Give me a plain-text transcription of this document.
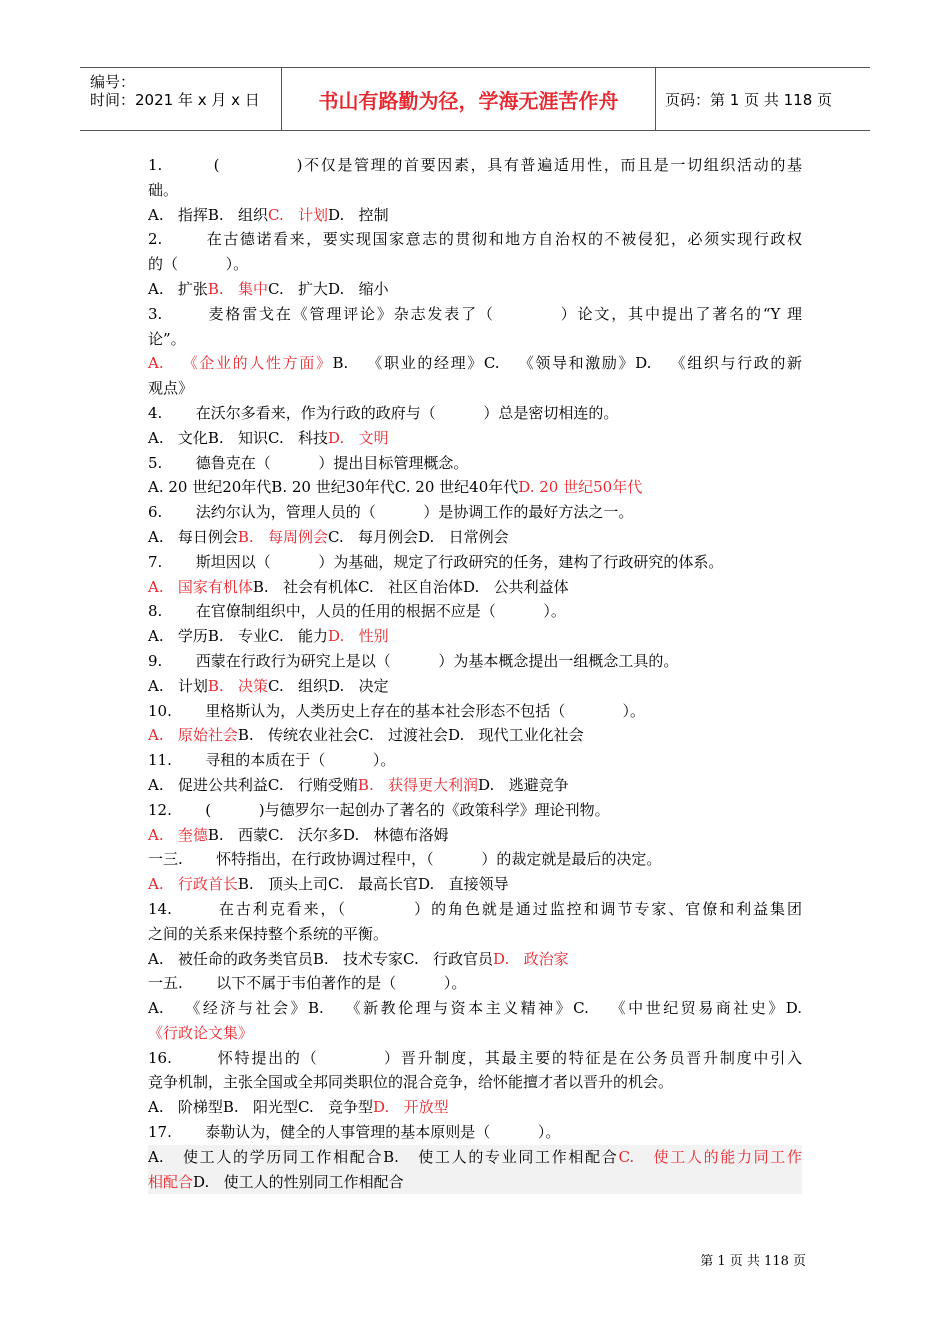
编号：
时间：2021 年 x 月 x 日	书山有路勤为径，学海无涯苦作舟	页码：第 1 页 共 118 页
1.        (            )不仅是管理的首要因素，具有普遍适用性，而且是一切组织活动的基
础。
A.   指挥B.   组织C.   计划D.   控制
2.       在古德诺看来，要实现国家意志的贯彻和地方自治权的不被侵犯，必须实现行政权
的（          ）。
A.   扩张B.   集中C.   扩大D.   缩小
3.       麦格雷戈在《管理评论》杂志发表了（          ）论文，其中提出了著名的“Y 理
论”。
A.   《企业的人性方面》B.   《职业的经理》C.   《领导和激励》D.   《组织与行政的新
观点》
4.       在沃尔多看来，作为行政的政府与（          ）总是密切相连的。
A.   文化B.   知识C.   科技D.   文明
5.       德鲁克在（          ）提出目标管理概念。
A. 20 世纪20年代B. 20 世纪30年代C. 20 世纪40年代D. 20 世纪50年代
6.       法约尔认为，管理人员的（          ）是协调工作的最好方法之一。
A.   每日例会B.   每周例会C.   每月例会D.   日常例会
7.       斯坦因以（          ）为基础，规定了行政研究的任务，建构了行政研究的体系。
A.   国家有机体B.   社会有机体C.   社区自治体D.   公共利益体
8.       在官僚制组织中，人员的任用的根据不应是（          ）。
A.   学历B.   专业C.   能力D.   性别
9.       西蒙在行政行为研究上是以（          ）为基本概念提出一组概念工具的。
A.   计划B.   决策C.   组织D.   决定
10.       里格斯认为，人类历史上存在的基本社会形态不包括（            ）。
A.   原始社会B.   传统农业社会C.   过渡社会D.   现代工业化社会
11.       寻租的本质在于（          ）。
A.   促进公共利益C.   行贿受贿B.   获得更大利润D.   逃避竞争
12.       (          )与德罗尔一起创办了著名的《政策科学》理论刊物。
A.   奎德B.   西蒙C.   沃尔多D.   林德布洛姆
一三.       怀特指出，在行政协调过程中，（          ）的裁定就是最后的决定。
A.   行政首长B.   顶头上司C.   最高长官D.   直接领导
14.       在古利克看来，（          ）的角色就是通过监控和调节专家、官僚和利益集团
之间的关系来保持整个系统的平衡。
A.   被任命的政务类官员B.   技术专家C.   行政官员D.   政治家
一五.       以下不属于韦伯著作的是（          ）。
A.   《经济与社会》B.   《新教伦理与资本主义精神》C.   《中世纪贸易商社史》D.
《行政论文集》
16.       怀特提出的（          ）晋升制度，其最主要的特征是在公务员晋升制度中引入
竞争机制，主张全国或全邦同类职位的混合竞争，给怀能擅才者以晋升的机会。
A.   阶梯型B.   阳光型C.   竞争型D.   开放型
17.       泰勒认为，健全的人事管理的基本原则是（          ）。
A.   使工人的学历同工作相配合B.   使工人的专业同工作相配合C.   使工人的能力同工作
相配合D.   使工人的性别同工作相配合
第 1 页 共 118 页
